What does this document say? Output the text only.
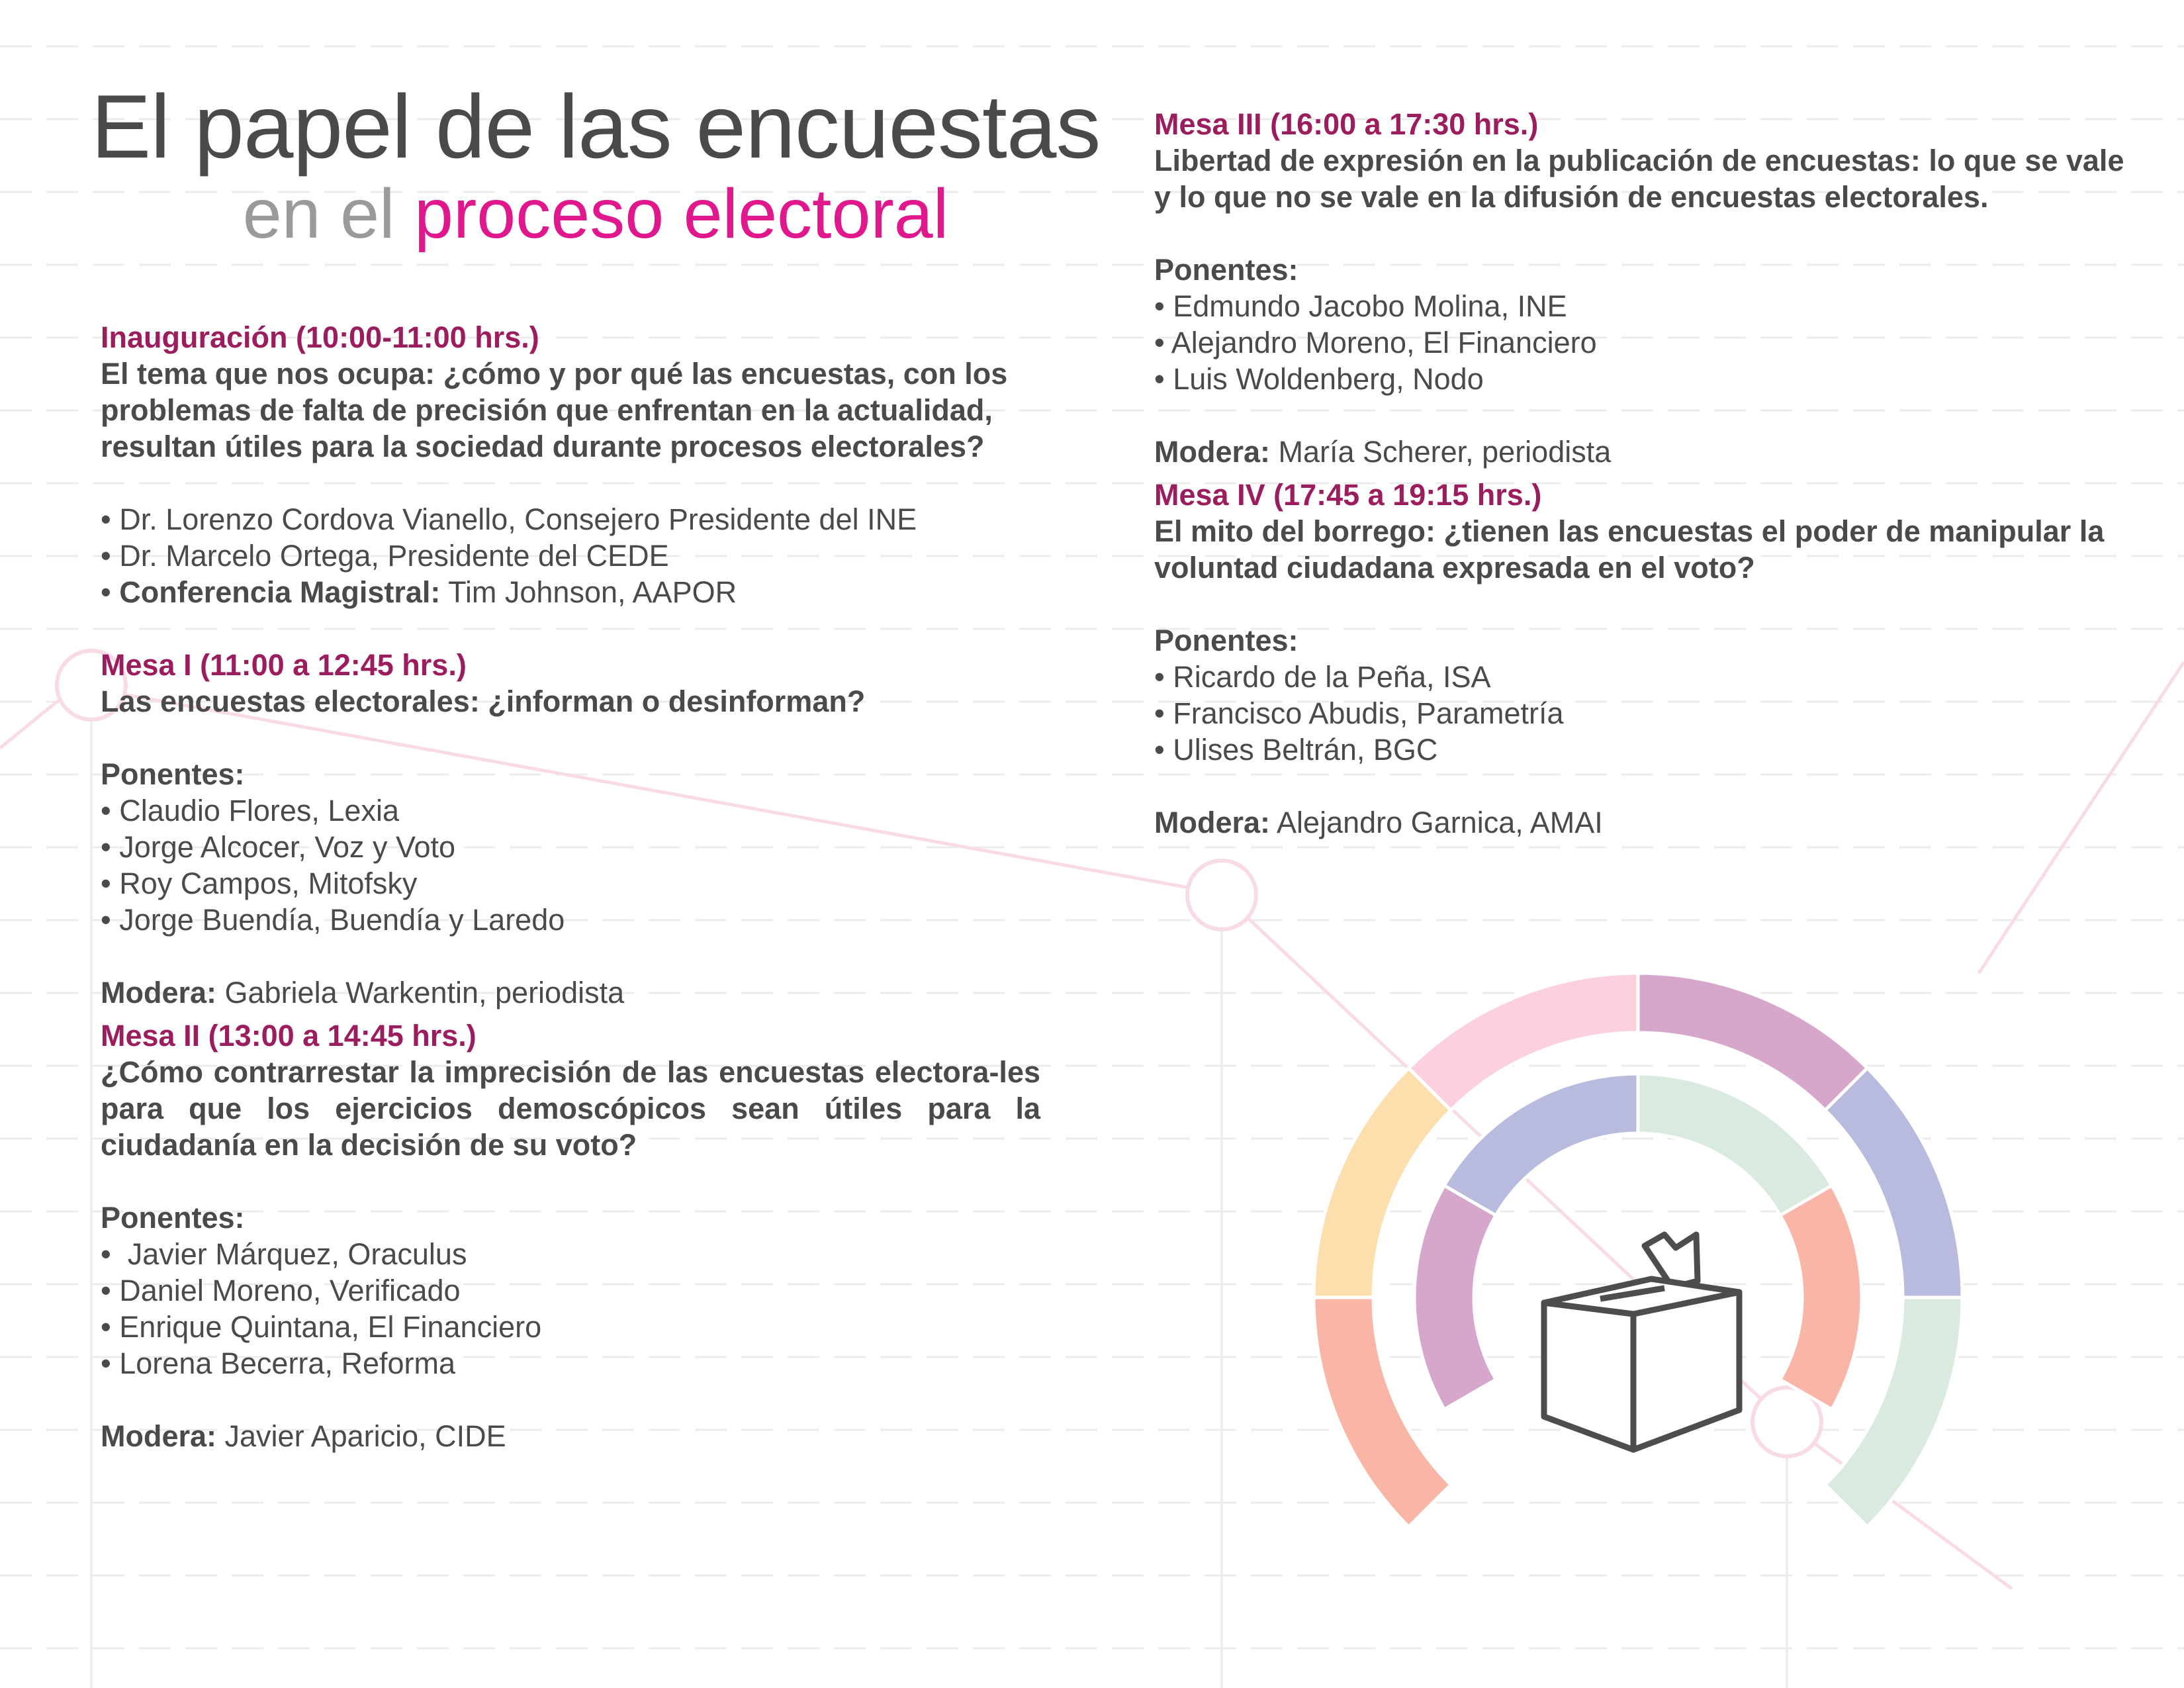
El papel de las encuestas
en el proceso electoral
Inauguración (10:00-11:00 hrs.)
El tema que nos ocupa: ¿cómo y por qué las encuestas, con los problemas de falta de precisión que enfrentan en la actualidad, resultan útiles para la sociedad durante procesos electorales?
• Dr. Lorenzo Cordova Vianello, Consejero Presidente del INE
• Dr. Marcelo Ortega, Presidente del CEDE
• Conferencia Magistral: Tim Johnson, AAPOR
Mesa I (11:00 a 12:45 hrs.)
Las encuestas electorales: ¿informan o desinforman?
Ponentes:
• Claudio Flores, Lexia
• Jorge Alcocer, Voz y Voto
• Roy Campos, Mitofsky
• Jorge Buendía, Buendía y Laredo
Modera: Gabriela Warkentin, periodista
Mesa II (13:00 a 14:45 hrs.)
¿Cómo contrarrestar la imprecisión de las encuestas electora-les para que los ejercicios demoscópicos sean útiles para la ciudadanía en la decisión de su voto?
Ponentes:
•  Javier Márquez, Oraculus
• Daniel Moreno, Verificado
• Enrique Quintana, El Financiero
• Lorena Becerra, Reforma
Modera: Javier Aparicio, CIDE
Mesa III (16:00 a 17:30 hrs.)
Libertad de expresión en la publicación de encuestas: lo que se vale y lo que no se vale en la difusión de encuestas electorales.
Ponentes:
• Edmundo Jacobo Molina, INE
• Alejandro Moreno, El Financiero
• Luis Woldenberg, Nodo
Modera: María Scherer, periodista
Mesa IV (17:45 a 19:15 hrs.)
El mito del borrego: ¿tienen las encuestas el poder de manipular la voluntad ciudadana expresada en el voto?
Ponentes:
• Ricardo de la Peña, ISA
• Francisco Abudis, Parametría
• Ulises Beltrán, BGC
Modera: Alejandro Garnica, AMAI
